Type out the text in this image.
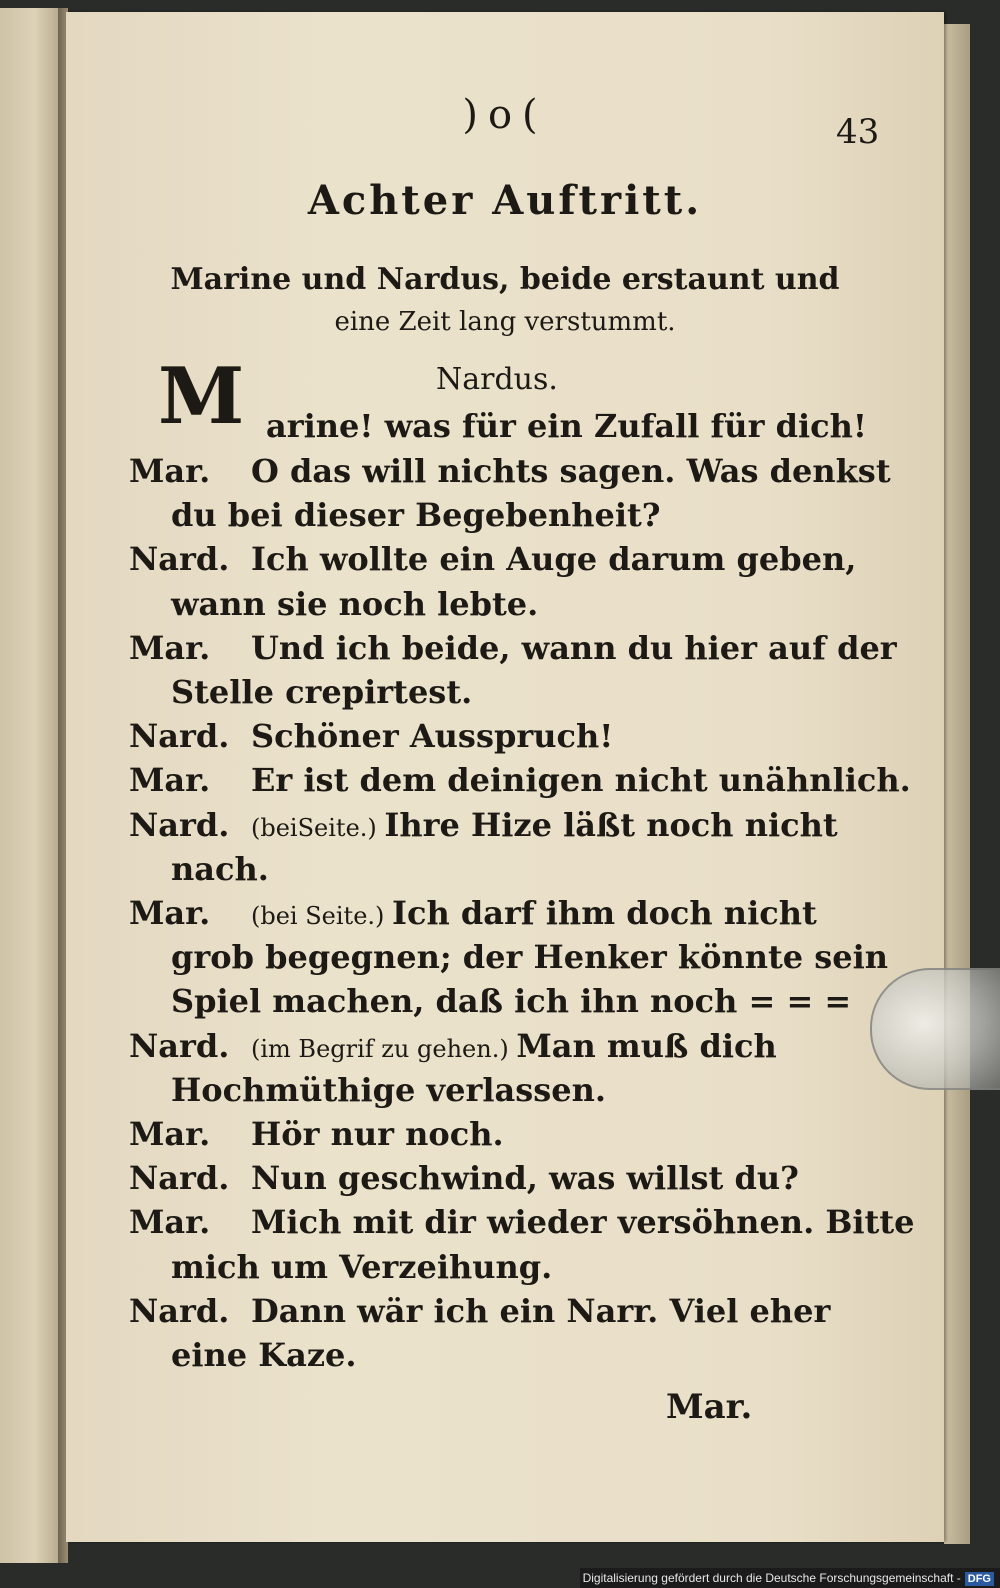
)o(	43
Achter Auftritt.
Marine und Nardus, beide erstaunt und
eine Zeit lang verstummt.
Nardus.
M arine! was für ein Zufall für dich!
Mar. O das will nichts sagen. Was denkst
du bei dieser Begebenheit?
Nard. Ich wollte ein Auge darum geben,
wann sie noch lebte.
Mar. Und ich beide, wann du hier auf der
Stelle crepirtest.
Nard. Schöner Ausspruch!
Mar. Er ist dem deinigen nicht unähnlich.
Nard. (beiSeite.) Ihre Hize läßt noch nicht
nach.
Mar. (bei Seite.) Ich darf ihm doch nicht
grob begegnen; der Henker könnte sein
Spiel machen, daß ich ihn noch = = =
Nard. (im Begrif zu gehen.) Man muß dich
Hochmüthige verlassen.
Mar. Hör nur noch.
Nard. Nun geschwind, was willst du?
Mar. Mich mit dir wieder versöhnen. Bitte
mich um Verzeihung.
Nard. Dann wär ich ein Narr. Viel eher
eine Kaze.
Mar.
Digitalisierung gefördert durch die Deutsche Forschungsgemeinschaft - DFG
